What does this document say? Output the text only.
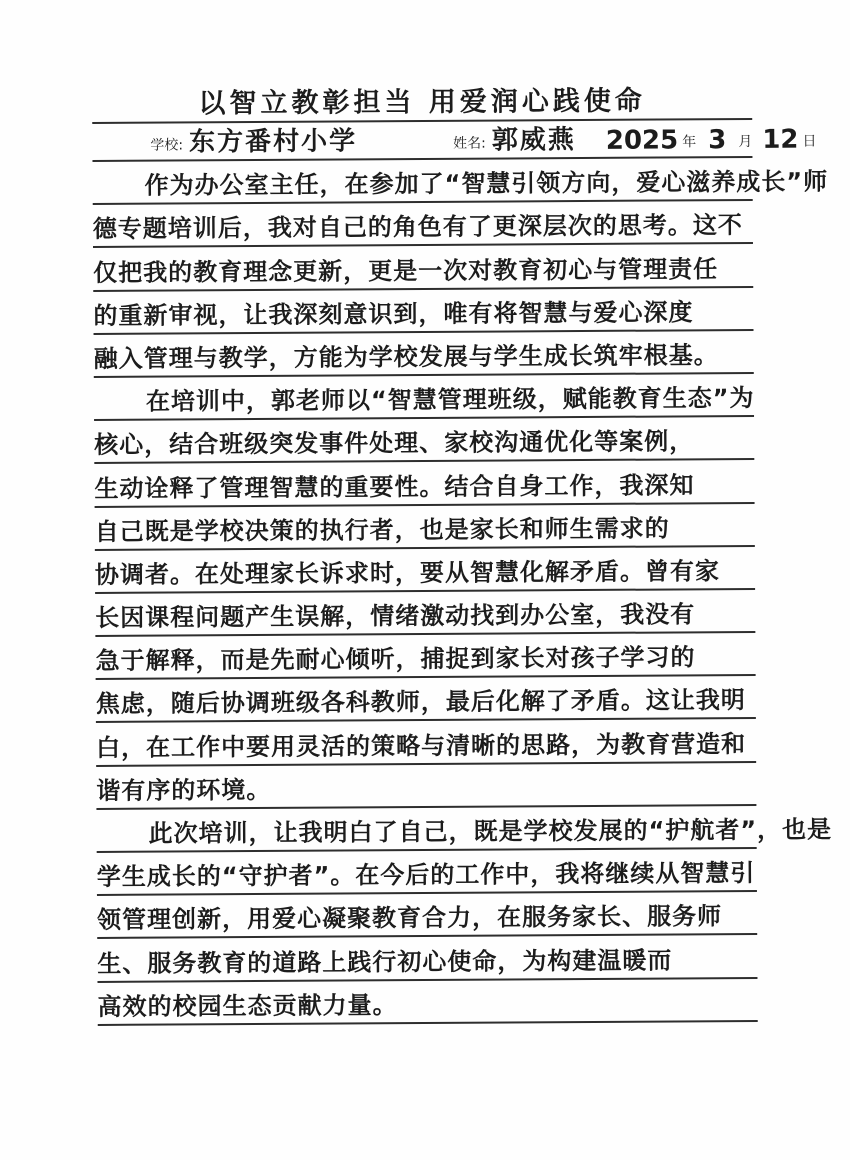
以智立教彰担当 用爱润心践使命
学校: 东方番村小学	姓名: 郭威燕 2025 年 3 月 12 日
作为办公室主任，在参加了“智慧引领方向，爱心滋养成长”师
德专题培训后，我对自己的角色有了更深层次的思考。这不
仅把我的教育理念更新，更是一次对教育初心与管理责任
的重新审视，让我深刻意识到，唯有将智慧与爱心深度
融入管理与教学，方能为学校发展与学生成长筑牢根基。
在培训中，郭老师以“智慧管理班级，赋能教育生态”为
核心，结合班级突发事件处理、家校沟通优化等案例，
生动诠释了管理智慧的重要性。结合自身工作，我深知
自己既是学校决策的执行者，也是家长和师生需求的
协调者。在处理家长诉求时，要从智慧化解矛盾。曾有家
长因课程问题产生误解，情绪激动找到办公室，我没有
急于解释，而是先耐心倾听，捕捉到家长对孩子学习的
焦虑，随后协调班级各科教师，最后化解了矛盾。这让我明
白，在工作中要用灵活的策略与清晰的思路，为教育营造和
谐有序的环境。
此次培训，让我明白了自己，既是学校发展的“护航者”，也是
学生成长的“守护者”。在今后的工作中，我将继续从智慧引
领管理创新，用爱心凝聚教育合力，在服务家长、服务师
生、服务教育的道路上践行初心使命，为构建温暖而
高效的校园生态贡献力量。
